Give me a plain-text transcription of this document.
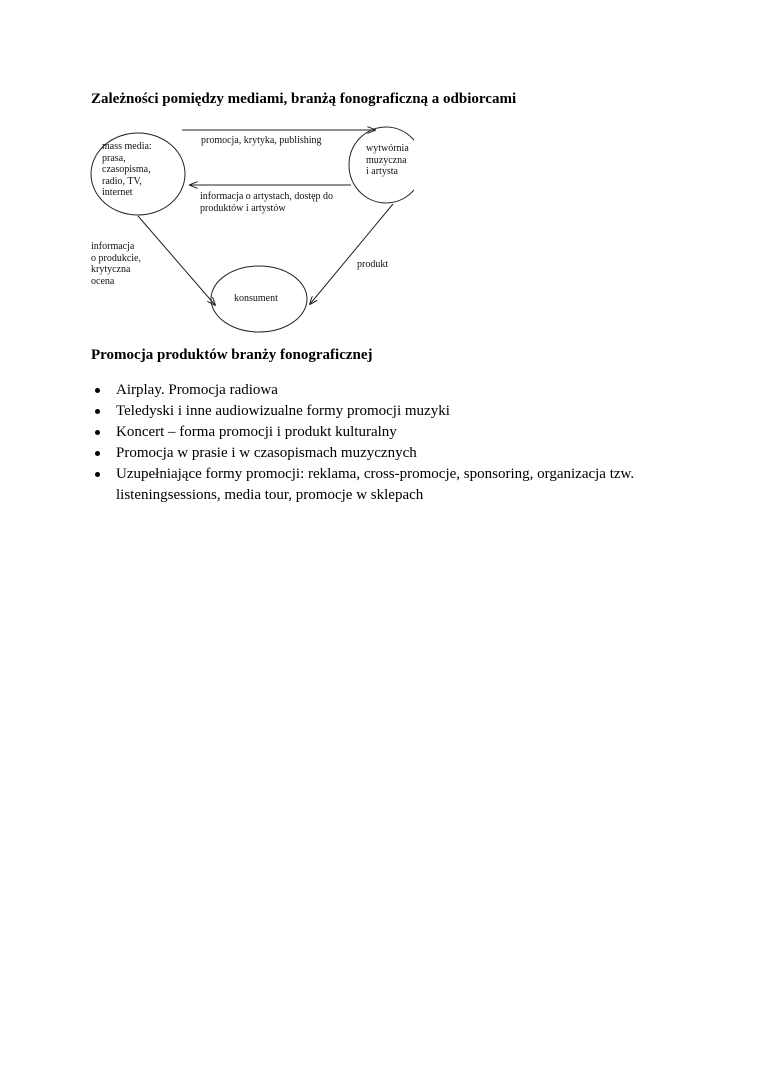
Zależności pomiędzy mediami, branżą fonograficzną a odbiorcami
mass media:
prasa,
czasopisma,
radio, TV,
internet
wytwórnia
muzyczna
i artysta
konsument
promocja, krytyka, publishing
informacja o artystach, dostęp do
produktów i artystów
informacja
o produkcie,
krytyczna
ocena
produkt
Promocja produktów branży fonograficznej
Airplay. Promocja radiowa
Teledyski i inne audiowizualne formy promocji muzyki
Koncert – forma promocji i produkt kulturalny
Promocja w prasie i w czasopismach muzycznych
Uzupełniające formy promocji: reklama, cross-promocje, sponsoring, organizacja tzw.
listeningsessions, media tour, promocje w sklepach
